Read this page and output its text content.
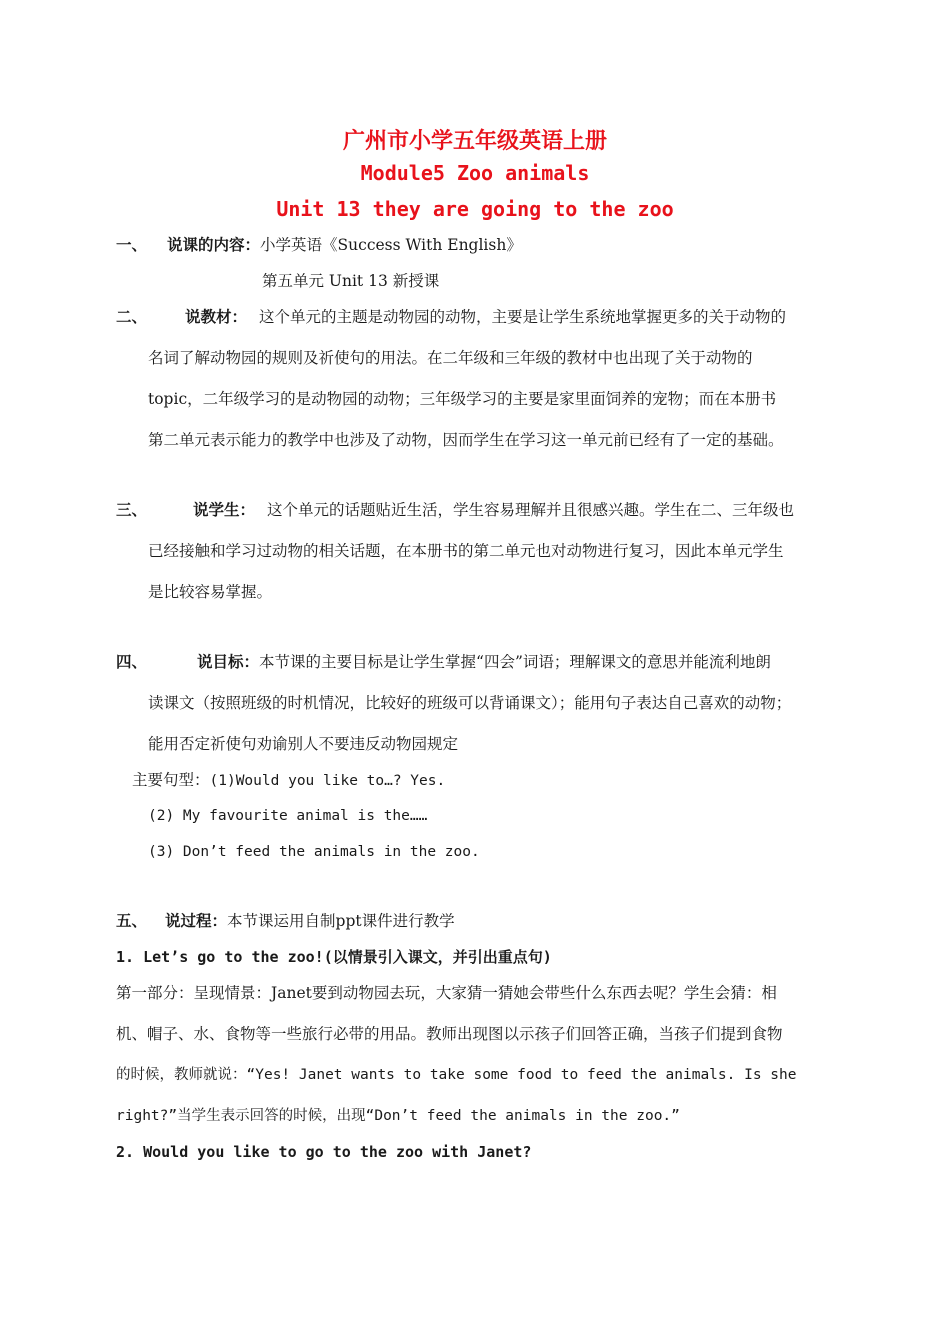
广州市小学五年级英语上册
Module5 Zoo animals
Unit 13 they are going to the zoo
一、 说课的内容：小学英语《Success With English》
第五单元 Unit 13 新授课
二、 说教材： 这个单元的主题是动物园的动物，主要是让学生系统地掌握更多的关于动物的
名词了解动物园的规则及祈使句的用法。在二年级和三年级的教材中也出现了关于动物的
topic，二年级学习的是动物园的动物；三年级学习的主要是家里面饲养的宠物；而在本册书
第二单元表示能力的教学中也涉及了动物，因而学生在学习这一单元前已经有了一定的基础。
三、	说学生： 这个单元的话题贴近生活，学生容易理解并且很感兴趣。学生在二、三年级也
已经接触和学习过动物的相关话题，在本册书的第二单元也对动物进行复习，因此本单元学生
是比较容易掌握。
四、	说目标：本节课的主要目标是让学生掌握“四会”词语；理解课文的意思并能流利地朗
读课文（按照班级的时机情况，比较好的班级可以背诵课文）；能用句子表达自己喜欢的动物；
能用否定祈使句劝谕别人不要违反动物园规定
主要句型：(1)Would you like to…? Yes.
(2) My favourite animal is the……
(3) Don’t feed the animals in the zoo.
五、 说过程：本节课运用自制ppt课件进行教学
1. Let’s go to the zoo!(以情景引入课文，并引出重点句)
第一部分：呈现情景：Janet要到动物园去玩，大家猜一猜她会带些什么东西去呢？学生会猜：相
机、帽子、水、食物等一些旅行必带的用品。教师出现图以示孩子们回答正确，当孩子们提到食物
的时候，教师就说：“Yes! Janet wants to take some food to feed the animals. Is she
right?”当学生表示回答的时候，出现“Don’t feed the animals in the zoo.”
2. Would you like to go to the zoo with Janet?
